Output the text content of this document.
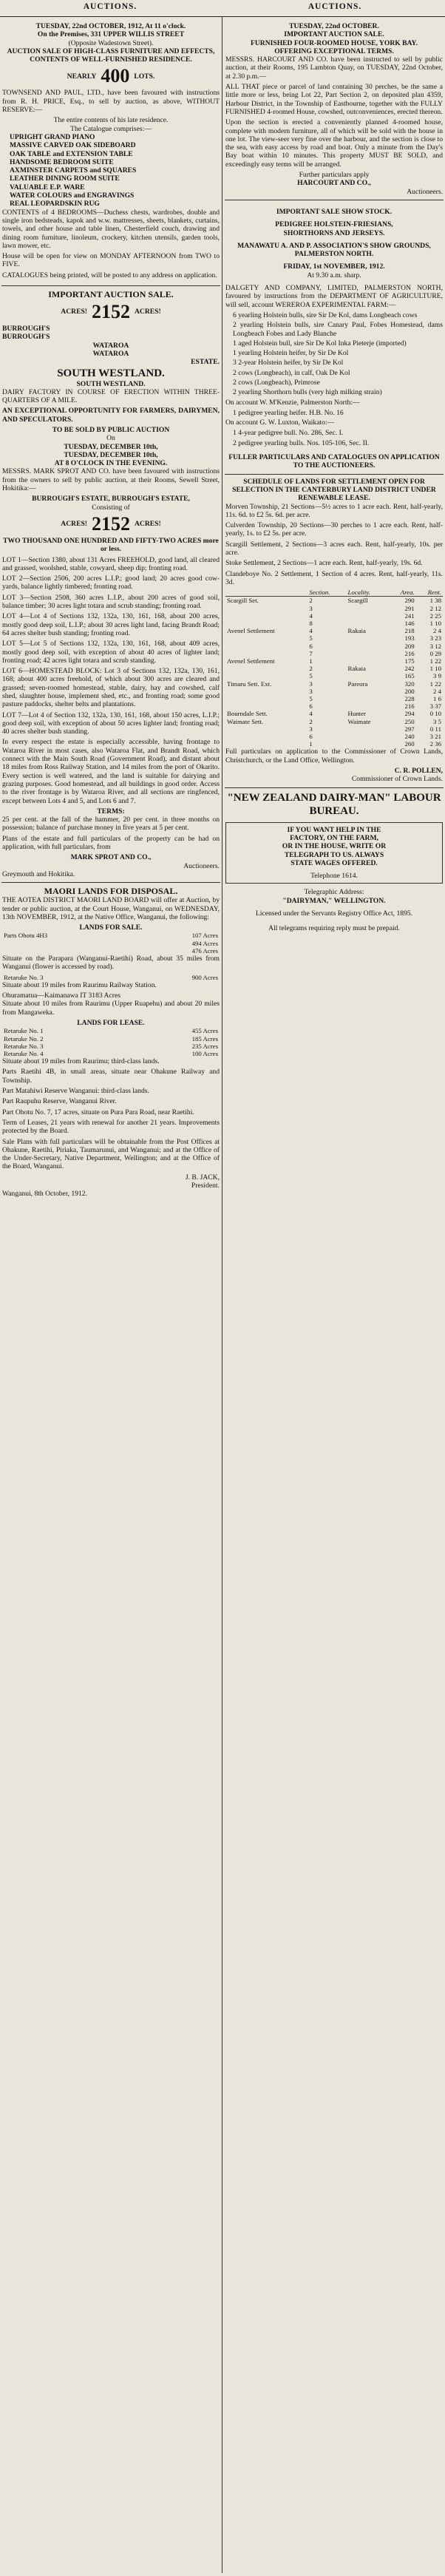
AUCTIONS.	AUCTIONS.
TUESDAY, 22nd OCTOBER, 1912, At 11 o'clock.
On the Premises, 331 UPPER WILLIS STREET
(Opposite Wadestown Street).
AUCTION SALE OF HIGH-CLASS FURNITURE AND EFFECTS,
CONTENTS OF WELL-FURNISHED RESIDENCE.
NEARLY 400 LOTS.

TOWNSEND AND PAUL, LTD., have been favoured with instructions from R. H. PRICE, Esq., to sell by auction, as above, WITHOUT RESERVE:—

The entire contents of his late residence.
The Catalogue comprises:—
UPRIGHT GRAND PIANO
MASSIVE CARVED OAK SIDEBOARD
OAK TABLE and EXTENSION TABLE
HANDSOME BEDROOM SUITE
AXMINSTER CARPETS and SQUARES
LEATHER DINING ROOM SUITE
VALUABLE E.P. WARE
WATER COLOURS and ENGRAVINGS
REAL LEOPARDSKIN RUG

CONTENTS of 4 BEDROOMS—Duchess chests, wardrobes, double and single iron bedsteads, kapok and w.w. mattresses, sheets, blankets, curtains, towels, and other house and table linen, Chesterfield couch, drawing and dining room furniture, linoleum, crockery, kitchen utensils, garden tools, lawn mower, etc.

House will be open for view on MONDAY AFTERNOON from TWO to FIVE.

CATALOGUES being printed, will be posted to any address on application.

IMPORTANT AUCTION SALE.
ACRES! 2152 ACRES!
BURROUGH'S
BURROUGH'S
WATAROA
WATAROA
ESTATE.
SOUTH WESTLAND.
SOUTH WESTLAND.

DAIRY FACTORY IN COURSE OF ERECTION WITHIN THREE-QUARTERS OF A MILE.

AN EXCEPTIONAL OPPORTUNITY FOR FARMERS, DAIRYMEN, AND SPECULATORS.

TO BE SOLD BY PUBLIC AUCTION
On
TUESDAY, DECEMBER 10th,
TUESDAY, DECEMBER 10th,
AT 8 O'CLOCK IN THE EVENING.

MESSRS. MARK SPROT AND CO. have been favoured with instructions from the owners to sell by public auction, at their Rooms, Sewell Street, Hokitika:—

BURROUGH'S ESTATE, BURROUGH'S ESTATE,
Consisting of
ACRES! 2152 ACRES!

TWO THOUSAND ONE HUNDRED AND FIFTY-TWO ACRES more or less.

LOT 1—Section 1380, about 131 Acres FREEHOLD, good land, all cleared and grassed, woolshed, stable, cowyard, sheep dip; fronting road.

LOT 2—Section 2506, 200 acres L.I.P.; good land; 20 acres good cow-yards, balance lightly timbered; fronting road.

LOT 3—Section 2508, 360 acres L.I.P., about 200 acres of good soil, balance timber; 30 acres light totara and scrub standing; fronting road.

LOT 4—Lot 4 of Sections 132, 132a, 130, 161, 168, about 200 acres, mostly good deep soil, L.I.P.; about 30 acres light land, facing Brandt Road; 64 acres shelter bush standing; fronting road.

LOT 5—Lot 5 of Sections 132, 132a, 130, 161, 168, about 409 acres, mostly good deep soil, with exception of about 40 acres of lighter land; fronting road; 42 acres light totara and scrub standing.

LOT 6—HOMESTEAD BLOCK: Lot 3 of Sections 132, 132a, 130, 161, 168; about 400 acres freehold, of which about 300 acres are cleared and grassed; seven-roomed homestead, stable, dairy, hay and cowshed, calf shed, slaughter house, implement shed, etc., and fronting road; some good pasture paddocks, shelter belts and plantations.

LOT 7—Lot 4 of Section 132, 132a, 130, 161, 168, about 150 acres, L.I.P.; good deep soil, with exception of about 50 acres lighter land; fronting road; 40 acres shelter bush standing.

In every respect the estate is especially accessible, having frontage to Wataroa River in most cases, also Wataroa Flat, and Brandt Road, which connect with the Main South Road (Government Road), and distant about 18 miles from Ross Railway Station, and 14 miles from the port of Okarito. Every section is well watered, and the land is suitable for dairying and grazing purposes. Good homestead, and all buildings in good order. Access to the river frontage is by Wataroa River, and all sections are ringfenced, except between Lots 4 and 5, and Lots 6 and 7.

TERMS:

25 per cent. at the fall of the hammer, 20 per cent. in three months on possession; balance of purchase money in five years at 5 per cent.

Plans of the estate and full particulars of the property can be had on application, with full particulars, from

MARK SPROT AND CO.,
Auctioneers.
Greymouth and Hokitika.
MAORI LANDS FOR DISPOSAL.

THE AOTEA DISTRICT MAORI LAND BOARD will offer at Auction, by tender or public auction, at the Court House, Wanganui, on WEDNESDAY, 13th NOVEMBER, 1912, at the Native Office, Wanganui, the following:

LANDS FOR SALE.
Parts Ohotu 4H3	107 Acres
	494 Acres
	476 Acres

Situate on the Parapara (Wanganui-Raetihi) Road, about 35 miles from Wanganui (flower is accessed by road).

Retaruke No. 3	900 Acres

Situate about 19 miles from Raurimu Railway Station.

Ohuramatua—Kaimanawa IT 3183 Acres

Situate about 10 miles from Raurimu (Upper Ruapehu) and about 20 miles from Mangaweka.

LANDS FOR LEASE.
Retaruke No. 1	455 Acres
Retaruke No. 2	185 Acres
Retaruke No. 3	235 Acres
Retaruke No. 4	100 Acres

Situate about 19 miles from Raurimu; third-class lands.

Parts Raetihi 4B, in small areas, situate near Ohakune Railway and Township.

Part Matahiwi Reserve Wanganui: third-class lands.

Part Raupuhu Reserve, Wanganui River.

Part Ohotu No. 7, 17 acres, situate on Pura Para Road, near Raetihi.

Term of Leases, 21 years with renewal for another 21 years. Improvements protected by the Board.

Sale Plans with full particulars will be obtainable from the Post Offices at Ohakune, Raetihi, Piriaka, Taumarunui, and Wanganui; and at the Office of the Under-Secretary, Native Department, Wellington; and at the Office of the Board, Wanganui.

J. B. JACK,
President.
Wanganui, 8th October, 1912.
TUESDAY, 22nd OCTOBER.
IMPORTANT AUCTION SALE.
FURNISHED FOUR-ROOMED HOUSE, YORK BAY.
OFFERING EXCEPTIONAL TERMS.

MESSRS. HARCOURT AND CO. have been instructed to sell by public auction, at their Rooms, 195 Lambton Quay, on TUESDAY, 22nd October, at 2.30 p.m.—

ALL THAT piece or parcel of land containing 30 perches, be the same a little more or less, being Lot 22, Part Section 2, on deposited plan 4359, Harbour District, in the Township of Eastbourne, together with the FULLY FURNISHED 4-roomed House, cowshed, outconveniences, erected thereon.

Upon the section is erected a conveniently planned 4-roomed house, complete with modern furniture, all of which will be sold with the house in one lot. The view-seer very fine over the harbour, and the section is close to the sea, with easy access by road and boat. Only a minute from the Day's Bay boat within 10 minutes. This property MUST BE SOLD, and exceedingly easy terms will be arranged.

Further particulars apply
HARCOURT AND CO.,
Auctioneers.
IMPORTANT SALE SHOW STOCK.
PEDIGREE HOLSTEIN-FRIESIANS,
SHORTHORNS AND JERSEYS.
MANAWATU A. AND P. ASSOCIATION'S SHOW GROUNDS,
PALMERSTON NORTH.
FRIDAY, 1st NOVEMBER, 1912.
At 9.30 a.m. sharp.

DALGETY AND COMPANY, LIMITED, PALMERSTON NORTH, favoured by instructions from the DEPARTMENT OF AGRICULTURE, will sell, account WEREROA EXPERIMENTAL FARM:—

6 yearling Holstein bulls, sire Sir De Kol, dams Longbeach cows

2 yearling Holstein bulls, sire Canary Paul, Fobes Homestead, dams Longbeach Fobes and Lady Blanche

1 aged Holstein bull, sire Sir De Kol Inka Pieterje (imported)

1 yearling Holstein heifer, by Sir De Kol

3 2-year Holstein heifer, by Sir De Kol

2 cows (Longbeach), in calf, Oak De Kol

2 cows (Longbeach), Primrose

2 yearling Shorthorn bulls (very high milking strain)

On account W. M'Kenzie, Palmerston North:—

1 pedigree yearling heifer. H.B. No. 16

On account G. W. Luxton, Waikato:—

1 4-year pedigree bull. No. 286, Sec. I.

2 pedigree yearling bulls. Nos. 105-106, Sec. II.

FULLER PARTICULARS AND CATALOGUES ON APPLICATION TO THE AUCTIONEERS.
SCHEDULE OF LANDS FOR SETTLEMENT OPEN FOR SELECTION IN THE CANTERBURY LAND DISTRICT UNDER RENEWABLE LEASE.

Morven Township, 21 Sections—5½ acres to 1 acre each. Rent, half-yearly, 11s. 6d. to £2 5s. 6d. per acre.

Culverden Township, 20 Sections—30 perches to 1 acre each. Rent, half-yearly, 1s. to £2 5s. per acre.

Scargill Settlement, 2 Sections—3 acres each. Rent, half-yearly, 10s. per acre.

Stoke Settlement, 2 Sections—1 acre each. Rent, half-yearly, 19s. 6d.

Clandeboye No. 2 Settlement, 1 Section of 4 acres. Rent, half-yearly, 11s. 3d.

	Section.	Locality.	Area.	Rent.
Scargill Set.	2	Scargill	290	1 38
	3		291	2 12
	4		241	2 25
	8		146	1 10
Avenel Settlement	4	Rakaia	218	2 4
	5		193	3 23
	6		209	3 12
	7		216	0 29
Avenel Settlement	1		175	1 22
	2	Rakaia	242	1 10
	5		165	3 9
Timaru Sett. Ext.	3	Pareora	320	1 22
	3		200	2 4
	5		228	1 6
	6		216	3 37
Bourndale Sett.	4	Hunter	294	0 10
Waimate Sett.	2	Waimate	250	3 5
	3		297	0 11
	6		240	3 21
	1		260	2 36

Full particulars on application to the Commissioner of Crown Lands, Christchurch, or the Land Office, Wellington.

C. R. POLLEN,
Commissioner of Crown Lands.
"NEW ZEALAND DAIRY-MAN" LABOUR BUREAU.
IF YOU WANT HELP IN THE
FACTORY, ON THE FARM,
OR IN THE HOUSE, WRITE OR
TELEGRAPH TO US. ALWAYS
STATE WAGES OFFERED.
Telephone 1614.
Telegraphic Address:
"DAIRYMAN," WELLINGTON.

Licensed under the Servants Registry Office Act, 1895.

All telegrams requiring reply must be prepaid.
